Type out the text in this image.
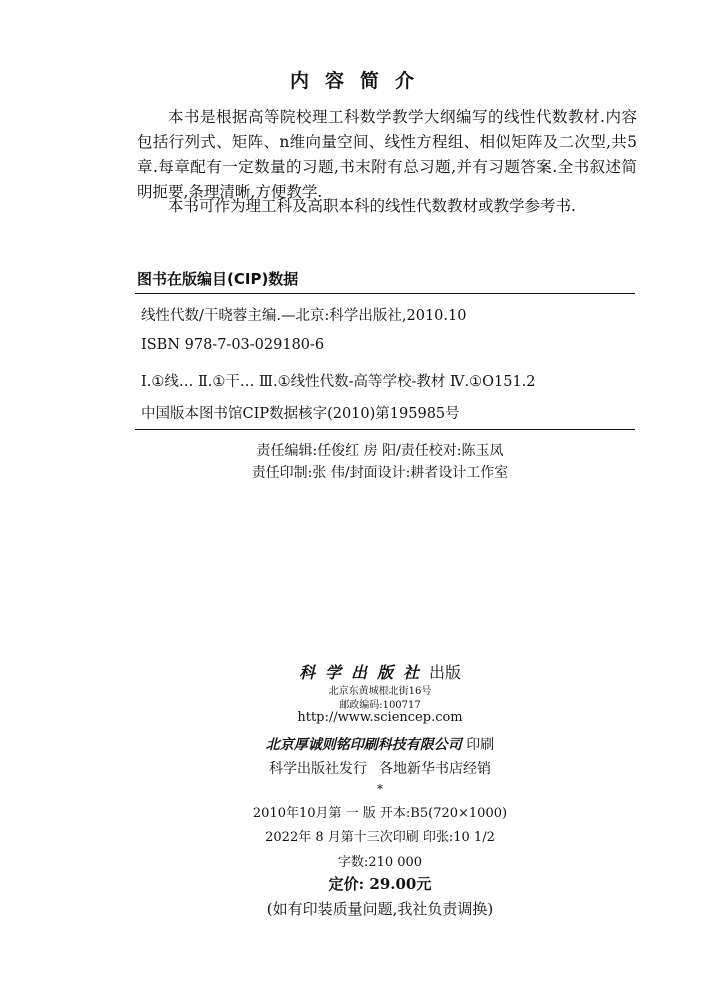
内容简介
本书是根据高等院校理工科数学教学大纲编写的线性代数教材.内容包括行列式、矩阵、n维向量空间、线性方程组、相似矩阵及二次型,共5章.每章配有一定数量的习题,书末附有总习题,并有习题答案.全书叙述简明扼要,条理清晰,方便教学.
本书可作为理工科及高职本科的线性代数教材或教学参考书.
图书在版编目(CIP)数据
线性代数/干晓蓉主编.—北京:科学出版社,2010.10
ISBN 978-7-03-029180-6
Ⅰ.①线… Ⅱ.①干… Ⅲ.①线性代数-高等学校-教材 Ⅳ.①O151.2
中国版本图书馆CIP数据核字(2010)第195985号
责任编辑:任俊红 房 阳/责任校对:陈玉凤
责任印制:张 伟/封面设计:耕者设计工作室
科学出版社出版
北京东黄城根北街16号
邮政编码:100717
http://www.sciencep.com
北京厚诚则铭印刷科技有限公司 印刷
科学出版社发行 各地新华书店经销
*
2010年10月第 一 版 开本:B5(720×1000)
2022年 8 月第十三次印刷 印张:10 1/2
字数:210 000
定价: 29.00元
(如有印装质量问题,我社负责调换)
